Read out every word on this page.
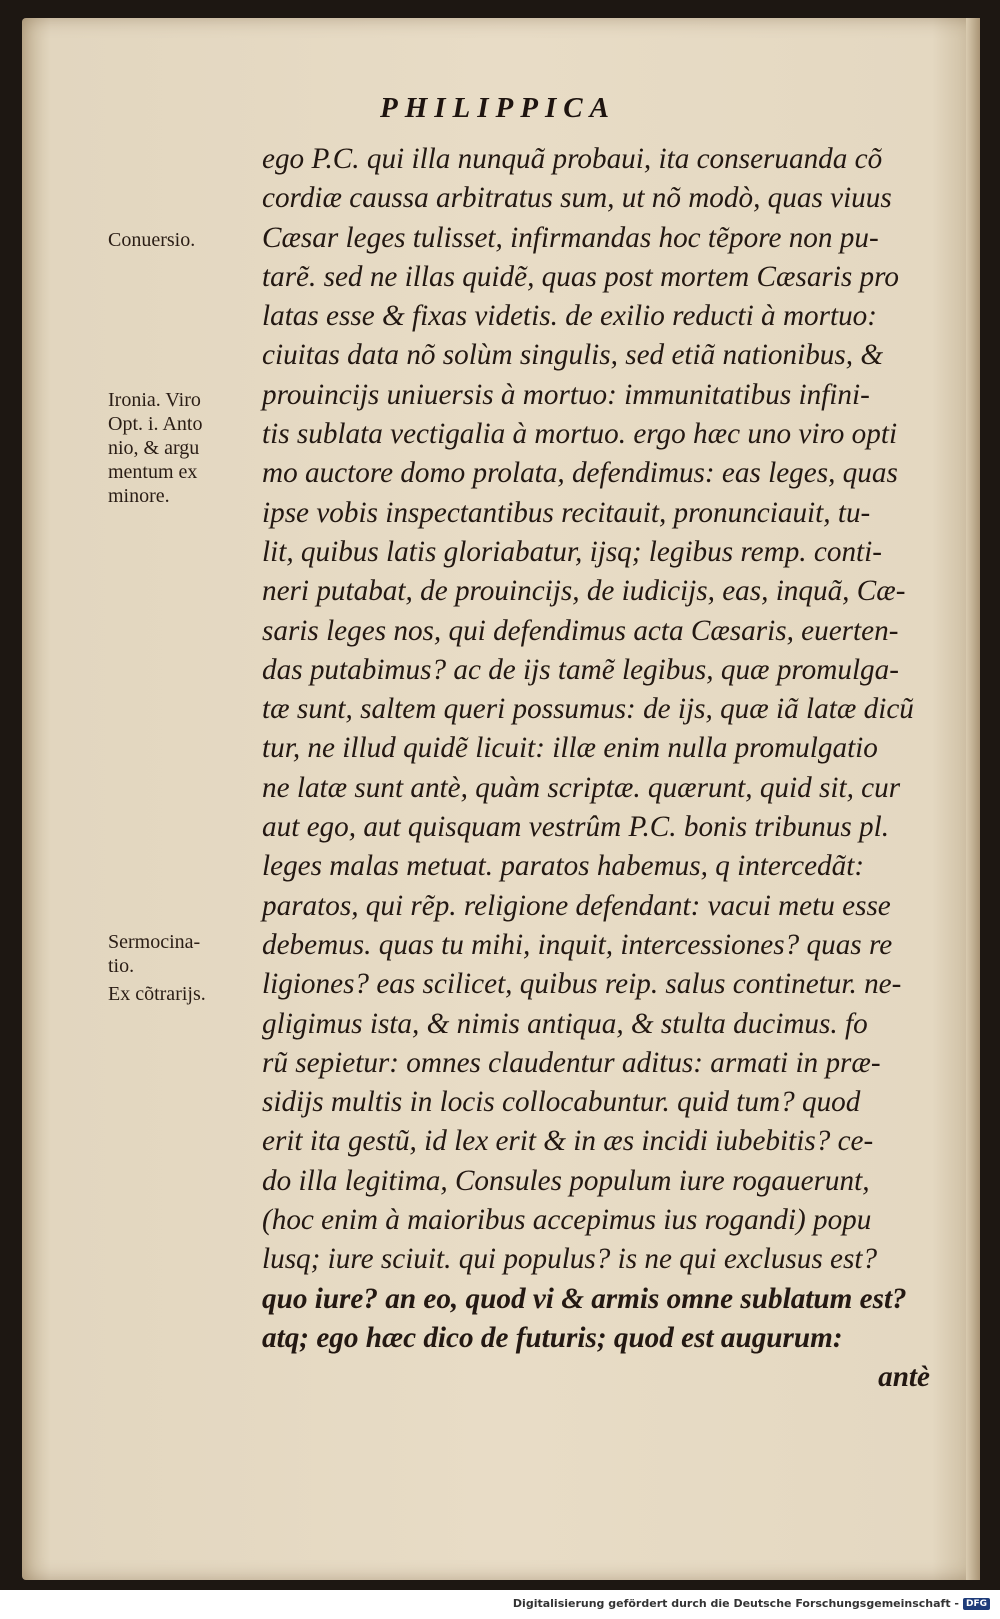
PHILIPPICA
ego P.C. qui illa nunquã probaui, ita conseruanda cõ
cordiæ caussa arbitratus sum, ut nõ modò, quas viuus
Cæsar leges tulisset, infirmandas hoc tẽpore non pu-
tarẽ. sed ne illas quidẽ, quas post mortem Cæsaris pro
latas esse & fixas videtis. de exilio reducti à mortuo:
ciuitas data nõ solùm singulis, sed etiã nationibus, &
prouincijs uniuersis à mortuo: immunitatibus infini-
tis sublata vectigalia à mortuo. ergo hæc uno viro opti
mo auctore domo prolata, defendimus: eas leges, quas
ipse vobis inspectantibus recitauit, pronunciauit, tu-
lit, quibus latis gloriabatur, ijsq; legibus remp. conti-
neri putabat, de prouincijs, de iudicijs, eas, inquã, Cæ-
saris leges nos, qui defendimus acta Cæsaris, euerten-
das putabimus? ac de ijs tamẽ legibus, quæ promulga-
tæ sunt, saltem queri possumus: de ijs, quæ iã latæ dicũ
tur, ne illud quidẽ licuit: illæ enim nulla promulgatio
ne latæ sunt antè, quàm scriptæ. quærunt, quid sit, cur
aut ego, aut quisquam vestrûm P.C. bonis tribunus pl.
leges malas metuat. paratos habemus, q intercedãt:
paratos, qui rẽp. religione defendant: vacui metu esse
debemus. quas tu mihi, inquit, intercessiones? quas re
ligiones? eas scilicet, quibus reip. salus continetur. ne-
gligimus ista, & nimis antiqua, & stulta ducimus. fo
rũ sepietur: omnes claudentur aditus: armati in præ-
sidijs multis in locis collocabuntur. quid tum? quod
erit ita gestũ, id lex erit & in æs incidi iubebitis? ce-
do illa legitima, Consules populum iure rogauerunt,
(hoc enim à maioribus accepimus ius rogandi) popu
lusq; iure sciuit. qui populus? is ne qui exclusus est?
quo iure? an eo, quod vi & armis omne sublatum est?
atq; ego hæc dico de futuris; quod est augurum:
antè
Conuersio.
Ironia. Viro
Opt. i. Anto
nio, & argu
mentum ex
minore.
Sermocina-
tio.
Ex cõtrarijs.
Digitalisierung gefördert durch die Deutsche Forschungsgemeinschaft - DFG
